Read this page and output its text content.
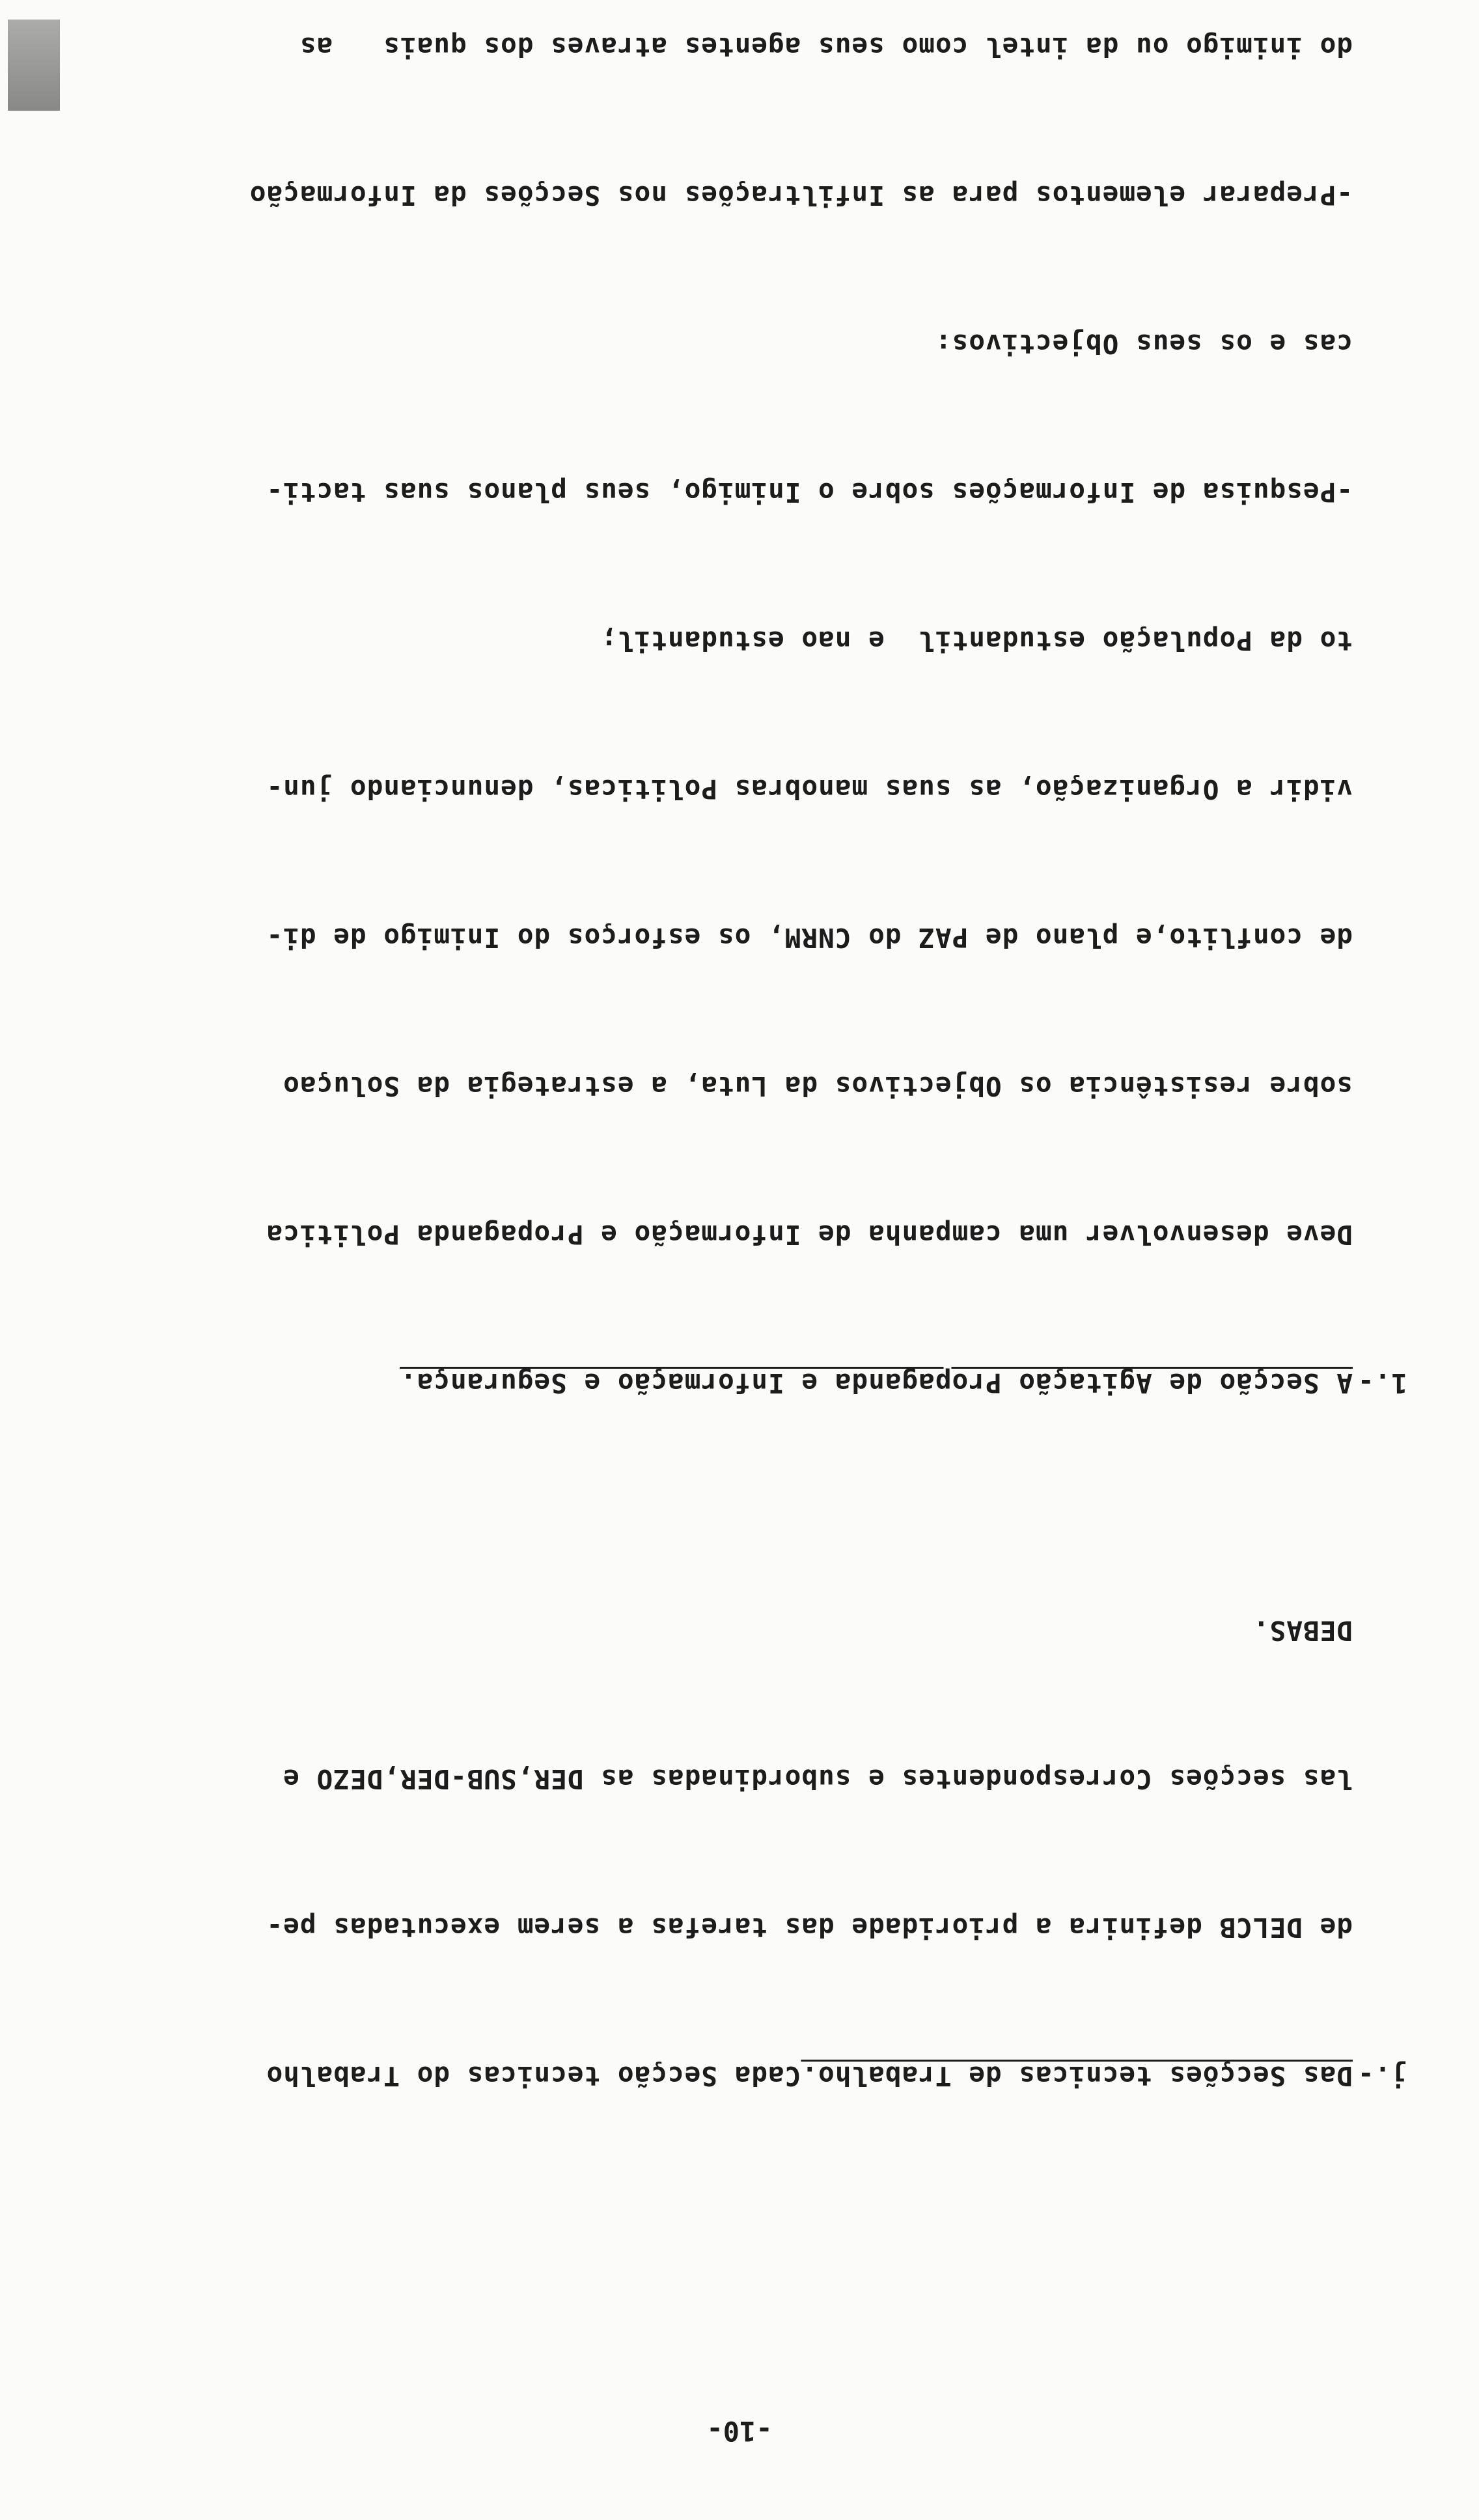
-10-

j.-Das Secções tecnicas de Trabalho.Cada Secção tecnicas do Trabalho

de DELCB definira a prioridade das tarefas a serem executadas pe-

las secções Correspondentes e subordinadas as DER,SUB-DER,DEZO e

DEBAS.

1.-A Secção de Agitação Propaganda e Informação e Segurança.

Deve desenvolver uma campanha de Informação e Propaganda Politica

sobre resistência os Objectivos da Luta, a estrategia da Soluçao

de conflito,e plano de PAZ do CNRM, os esforços do Inimigo de di-

vidir a Organização, as suas manobras Politicas, denunciando jun-

to da População estudantil  e nao estudantil;

-Pesquisa de Informações sobre o Inimigo, seus planos suas tacti-

cas e os seus Objectivos:

-Preparar elementos para as Infiltrações nos Secções da Informação

do inimigo ou da intel como seus agentes atraves dos quais   as
